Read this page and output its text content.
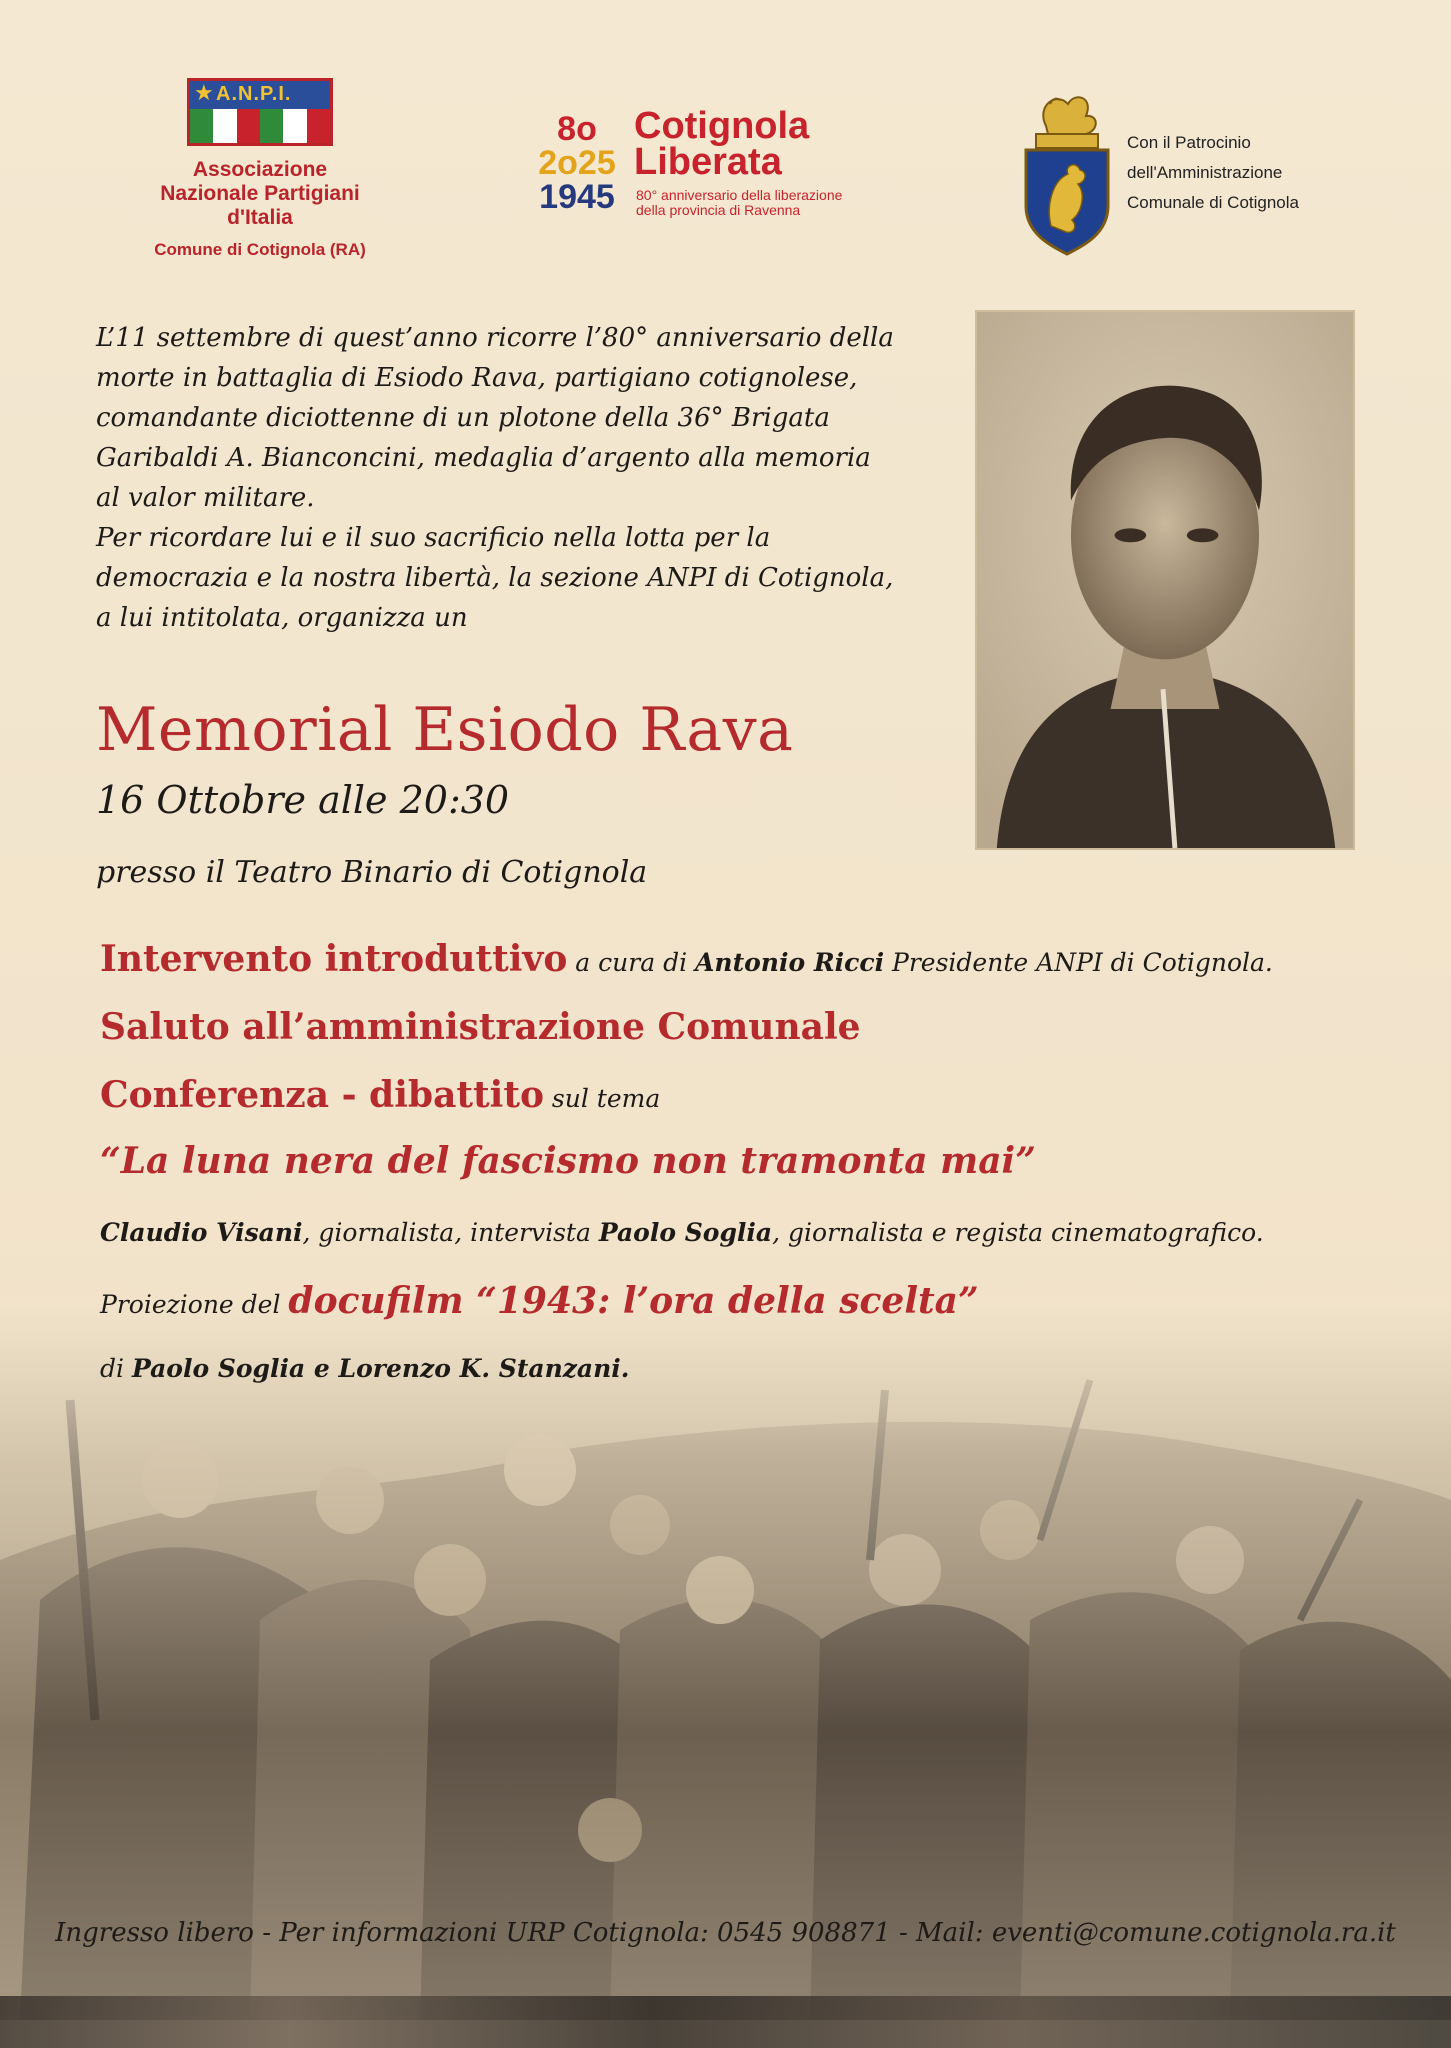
★ A.N.P.I.
Associazione
Nazionale Partigiani
d'Italia
Comune di Cotignola (RA)
8o
2o25
1945
Cotignola
Liberata
80° anniversario della liberazione
della provincia di Ravenna
Con il Patrocinio
dell'Amministrazione
Comunale di Cotignola
L’11 settembre di quest’anno ricorre l’80° anniversario della
morte in battaglia di Esiodo Rava, partigiano cotignolese,
comandante diciottenne di un plotone della 36° Brigata
Garibaldi A. Bianconcini, medaglia d’argento alla memoria
al valor militare.
Per ricordare lui e il suo sacrificio nella lotta per la
democrazia e la nostra libertà, la sezione ANPI di Cotignola,
a lui intitolata, organizza un
Memorial Esiodo Rava
16 Ottobre alle 20:30
presso il Teatro Binario di Cotignola
Intervento introduttivo a cura di Antonio Ricci Presidente ANPI di Cotignola.
Saluto all’amministrazione Comunale
Conferenza - dibattito sul tema
“La luna nera del fascismo non tramonta mai”
Claudio Visani, giornalista, intervista Paolo Soglia, giornalista e regista cinematografico.
Proiezione del docufilm “1943: l’ora della scelta”
di Paolo Soglia e Lorenzo K. Stanzani.
Ingresso libero - Per informazioni URP Cotignola: 0545 908871 - Mail: eventi@comune.cotignola.ra.it
